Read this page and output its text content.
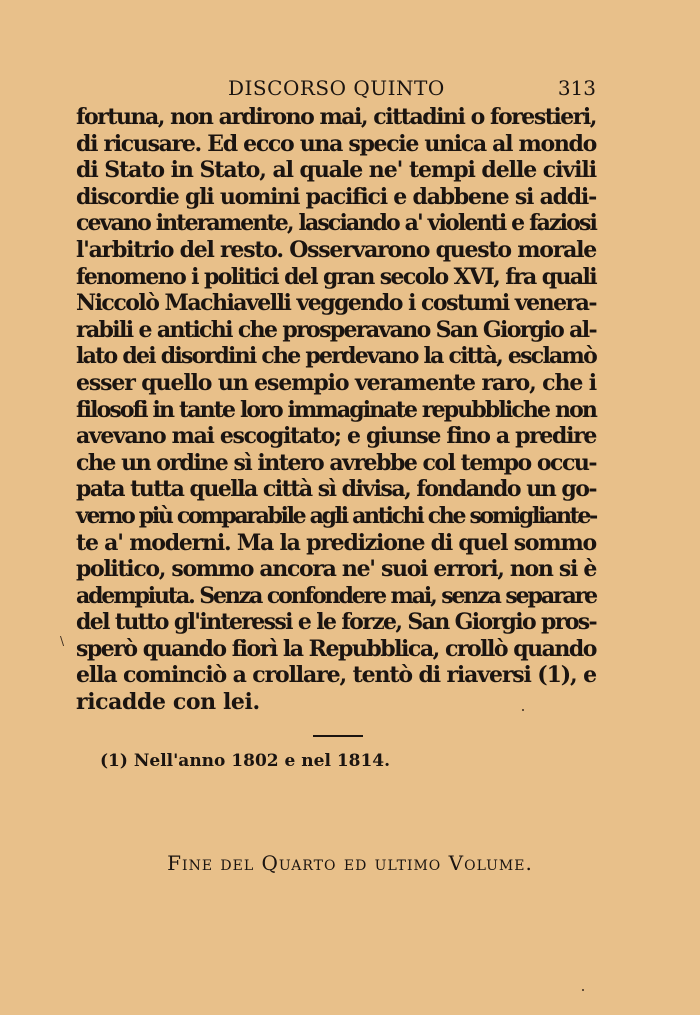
DISCORSO QUINTO	313
fortuna, non ardirono mai, cittadini o forestieri,
di ricusare. Ed ecco una specie unica al mondo
di Stato in Stato, al quale ne' tempi delle civili
discordie gli uomini pacifici e dabbene si addi-
cevano interamente, lasciando a' violenti e faziosi
l'arbitrio del resto. Osservarono questo morale
fenomeno i politici del gran secolo XVI, fra quali
Niccolò Machiavelli veggendo i costumi venera-
rabili e antichi che prosperavano San Giorgio al-
lato dei disordini che perdevano la città, esclamò
esser quello un esempio veramente raro, che i
filosofi in tante loro immaginate repubbliche non
avevano mai escogitato; e giunse fino a predire
che un ordine sì intero avrebbe col tempo occu-
pata tutta quella città sì divisa, fondando un go-
verno più comparabile agli antichi che somigliante-
te a' moderni. Ma la predizione di quel sommo
politico, sommo ancora ne' suoi errori, non si è
adempiuta. Senza confondere mai, senza separare
del tutto gl'interessi e le forze, San Giorgio pros-
sperò quando fiorì la Repubblica, crollò quando
ella cominciò a crollare, tentò di riaversi (1), e
ricadde con lei.
\
(1) Nell'anno 1802 e nel 1814.
Fine del Quarto ed ultimo Volume.
